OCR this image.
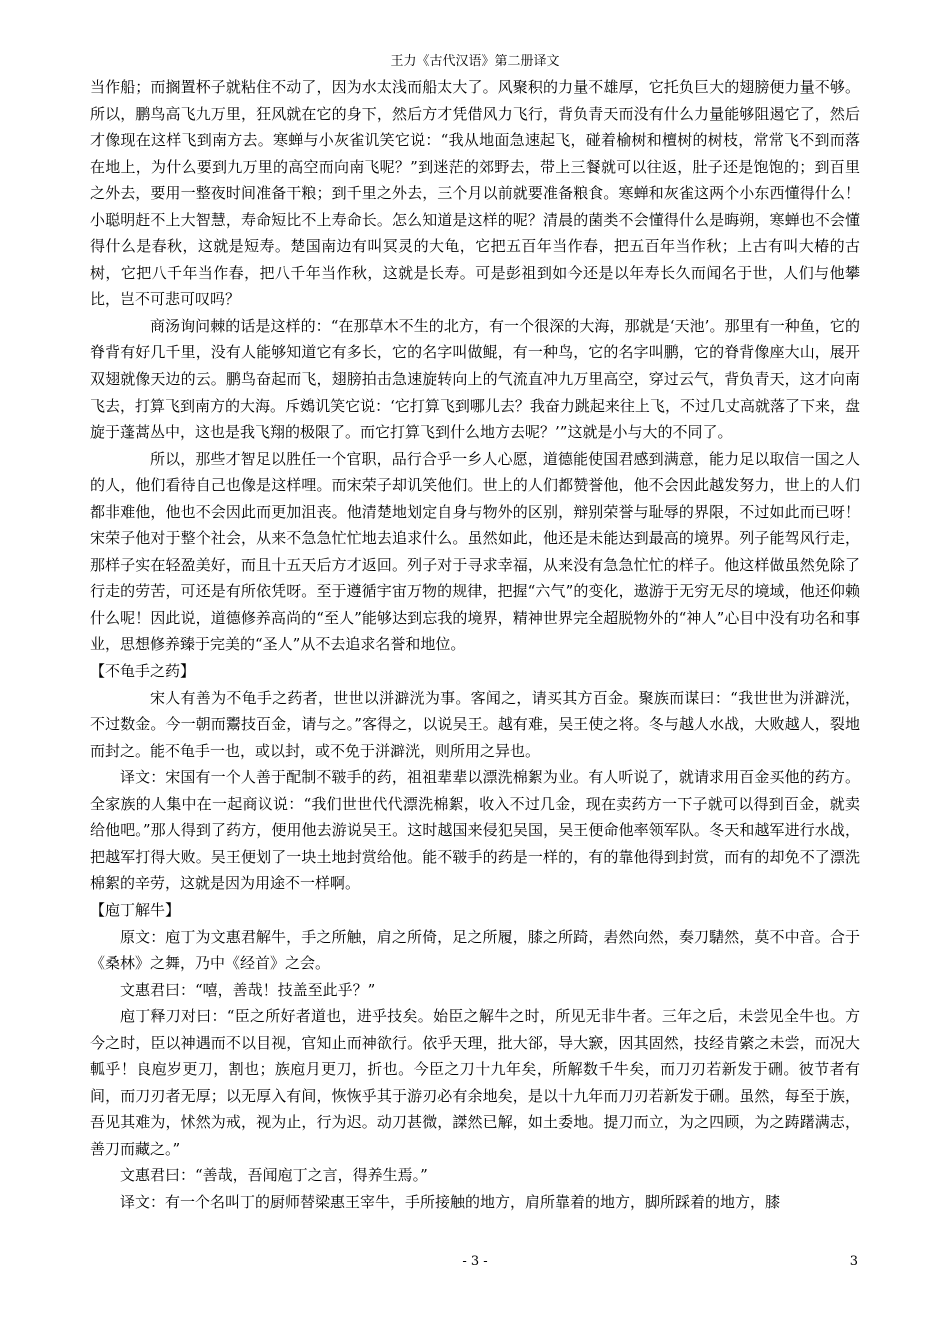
王力《古代汉语》第二册译文

当作船；而搁置杯子就粘住不动了，因为水太浅而船太大了。风聚积的力量不雄厚，它托负巨大的翅膀便力量不够。所以，鹏鸟高飞九万里，狂风就在它的身下，然后方才凭借风力飞行，背负青天而没有什么力量能够阻遏它了，然后才像现在这样飞到南方去。寒蝉与小灰雀讥笑它说：“我从地面急速起飞，碰着榆树和檀树的树枝，常常飞不到而落在地上，为什么要到九万里的高空而向南飞呢？”到迷茫的郊野去，带上三餐就可以往返，肚子还是饱饱的；到百里之外去，要用一整夜时间准备干粮；到千里之外去，三个月以前就要准备粮食。寒蝉和灰雀这两个小东西懂得什么！小聪明赶不上大智慧，寿命短比不上寿命长。怎么知道是这样的呢？清晨的菌类不会懂得什么是晦朔，寒蝉也不会懂得什么是春秋，这就是短寿。楚国南边有叫冥灵的大龟，它把五百年当作春，把五百年当作秋；上古有叫大椿的古树，它把八千年当作春，把八千年当作秋，这就是长寿。可是彭祖到如今还是以年寿长久而闻名于世，人们与他攀比，岂不可悲可叹吗？

商汤询问棘的话是这样的：“在那草木不生的北方，有一个很深的大海，那就是‘天池’。那里有一种鱼，它的脊背有好几千里，没有人能够知道它有多长，它的名字叫做鲲，有一种鸟，它的名字叫鹏，它的脊背像座大山，展开双翅就像天边的云。鹏鸟奋起而飞，翅膀拍击急速旋转向上的气流直冲九万里高空，穿过云气，背负青天，这才向南飞去，打算飞到南方的大海。斥鴳讥笑它说：‘它打算飞到哪儿去？我奋力跳起来往上飞，不过几丈高就落了下来，盘旋于蓬蒿丛中，这也是我飞翔的极限了。而它打算飞到什么地方去呢？’”这就是小与大的不同了。

所以，那些才智足以胜任一个官职，品行合乎一乡人心愿，道德能使国君感到满意，能力足以取信一国之人的人，他们看待自己也像是这样哩。而宋荣子却讥笑他们。世上的人们都赞誉他，他不会因此越发努力，世上的人们都非难他，他也不会因此而更加沮丧。他清楚地划定自身与物外的区别，辩别荣誉与耻辱的界限，不过如此而已呀！宋荣子他对于整个社会，从来不急急忙忙地去追求什么。虽然如此，他还是未能达到最高的境界。列子能驾风行走，那样子实在轻盈美好，而且十五天后方才返回。列子对于寻求幸福，从来没有急急忙忙的样子。他这样做虽然免除了行走的劳苦，可还是有所依凭呀。至于遵循宇宙万物的规律，把握“六气”的变化，遨游于无穷无尽的境域，他还仰赖什么呢！因此说，道德修养高尚的“至人”能够达到忘我的境界，精神世界完全超脱物外的“神人”心目中没有功名和事业，思想修养臻于完美的“圣人”从不去追求名誉和地位。

【不龟手之药】

宋人有善为不龟手之药者，世世以洴澼洸为事。客闻之，请买其方百金。聚族而谋曰：“我世世为洴澼洸，不过数金。今一朝而鬻技百金，请与之。”客得之，以说吴王。越有难，吴王使之将。冬与越人水战，大败越人，裂地而封之。能不龟手一也，或以封，或不免于洴澼洸，则所用之异也。

译文：宋国有一个人善于配制不皲手的药，祖祖辈辈以漂洗棉絮为业。有人听说了，就请求用百金买他的药方。全家族的人集中在一起商议说：“我们世世代代漂洗棉絮，收入不过几金，现在卖药方一下子就可以得到百金，就卖给他吧。”那人得到了药方，便用他去游说吴王。这时越国来侵犯吴国，吴王便命他率领军队。冬天和越军进行水战，把越军打得大败。吴王便划了一块土地封赏给他。能不皲手的药是一样的，有的靠他得到封赏，而有的却免不了漂洗棉絮的辛劳，这就是因为用途不一样啊。

【庖丁解牛】

原文：庖丁为文惠君解牛，手之所触，肩之所倚，足之所履，膝之所踦，砉然向然，奏刀騞然，莫不中音。合于《桑林》之舞，乃中《经首》之会。

文惠君曰：“嘻，善哉！技盖至此乎？”

庖丁释刀对曰：“臣之所好者道也，进乎技矣。始臣之解牛之时，所见无非牛者。三年之后，未尝见全牛也。方今之时，臣以神遇而不以目视，官知止而神欲行。依乎天理，批大郤，导大窾，因其固然，技经肯綮之未尝，而况大軱乎！良庖岁更刀，割也；族庖月更刀，折也。今臣之刀十九年矣，所解数千牛矣，而刀刃若新发于硎。彼节者有间，而刀刃者无厚；以无厚入有间，恢恢乎其于游刃必有余地矣，是以十九年而刀刃若新发于硎。虽然，每至于族，吾见其难为，怵然为戒，视为止，行为迟。动刀甚微，謋然已解，如土委地。提刀而立，为之四顾，为之踌躇满志，善刀而藏之。”

文惠君曰：“善哉，吾闻庖丁之言，得养生焉。”

译文：有一个名叫丁的厨师替梁惠王宰牛，手所接触的地方，肩所靠着的地方，脚所踩着的地方，膝

- 3 -	3
